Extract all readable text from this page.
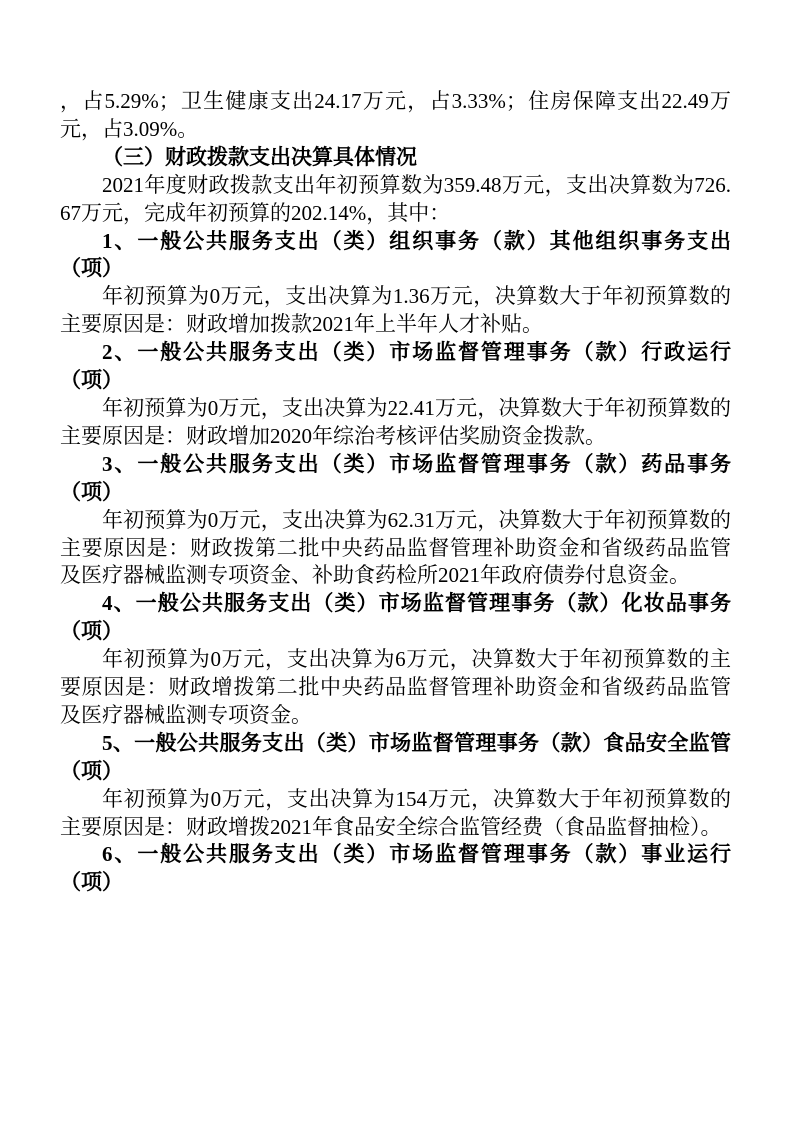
，占5.29%；卫生健康支出24.17万元，占3.33%；住房保障支出22.49万元，占3.09%。

（三）财政拨款支出决算具体情况

2021年度财政拨款支出年初预算数为359.48万元，支出决算数为726.67万元，完成年初预算的202.14%，其中：

1、一般公共服务支出（类）组织事务（款）其他组织事务支出（项）

年初预算为0万元，支出决算为1.36万元，决算数大于年初预算数的主要原因是：财政增加拨款2021年上半年人才补贴。

2、一般公共服务支出（类）市场监督管理事务（款）行政运行（项）

年初预算为0万元，支出决算为22.41万元，决算数大于年初预算数的主要原因是：财政增加2020年综治考核评估奖励资金拨款。

3、一般公共服务支出（类）市场监督管理事务（款）药品事务（项）

年初预算为0万元，支出决算为62.31万元，决算数大于年初预算数的主要原因是：财政拨第二批中央药品监督管理补助资金和省级药品监管及医疗器械监测专项资金、补助食药检所2021年政府债券付息资金。

4、一般公共服务支出（类）市场监督管理事务（款）化妆品事务（项）

年初预算为0万元，支出决算为6万元，决算数大于年初预算数的主要原因是：财政增拨第二批中央药品监督管理补助资金和省级药品监管及医疗器械监测专项资金。

5、一般公共服务支出（类）市场监督管理事务（款）食品安全监管（项）

年初预算为0万元，支出决算为154万元，决算数大于年初预算数的主要原因是：财政增拨2021年食品安全综合监管经费（食品监督抽检）。

6、一般公共服务支出（类）市场监督管理事务（款）事业运行（项）
